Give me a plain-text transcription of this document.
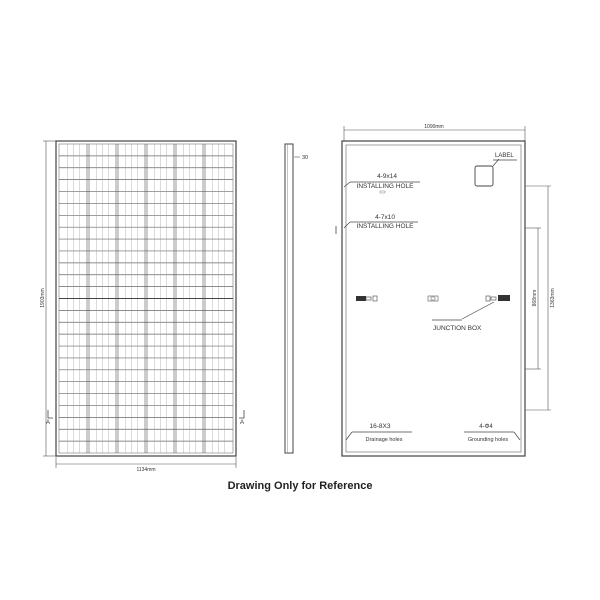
1903mm
1134mm
A	A
30
1090mm
LABEL
4-9x14
INSTALLING HOLE
4-7x10
INSTALLING HOLE
JUNCTION BOX
868mm 1363mm
16-8X3
Drainage holes
4-Φ4
Grounding holes
Drawing Only for Reference
